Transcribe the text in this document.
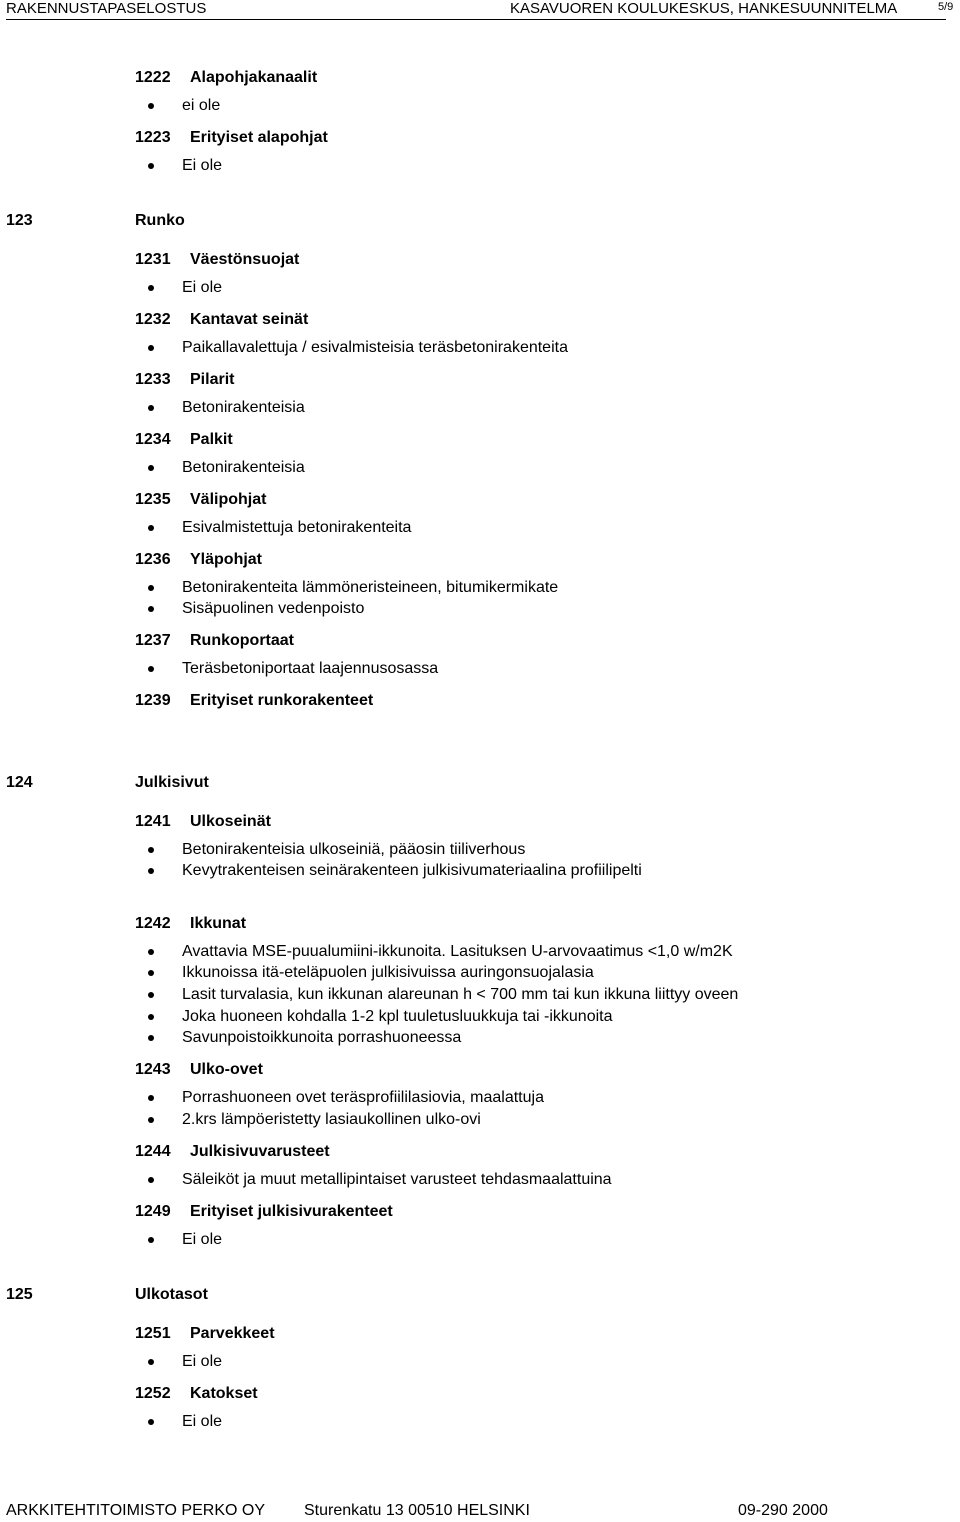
RAKENNUSTAPASELOSTUS	KASAVUOREN KOULUKESKUS, HANKESUUNNITELMA	5/9
1222 Alapohjakanaalit
ei ole
1223 Erityiset alapohjat
Ei ole
123	Runko
1231 Väestönsuojat
Ei ole
1232 Kantavat seinät
Paikallavalettuja / esivalmisteisia teräsbetonirakenteita
1233 Pilarit
Betonirakenteisia
1234 Palkit
Betonirakenteisia
1235 Välipohjat
Esivalmistettuja betonirakenteita
1236 Yläpohjat
Betonirakenteita lämmöneristeineen, bitumikermikate
Sisäpuolinen vedenpoisto
1237 Runkoportaat
Teräsbetoniportaat laajennusosassa
1239 Erityiset runkorakenteet
124	Julkisivut
1241 Ulkoseinät
Betonirakenteisia ulkoseiniä, pääosin tiiliverhous
Kevytrakenteisen seinärakenteen julkisivumateriaalina profiilipelti
1242 Ikkunat
Avattavia MSE-puualumiini-ikkunoita. Lasituksen U-arvovaatimus <1,0 w/m2K
Ikkunoissa itä-eteläpuolen julkisivuissa auringonsuojalasia
Lasit turvalasia, kun ikkunan alareunan h < 700 mm tai kun ikkuna liittyy oveen
Joka huoneen kohdalla 1-2 kpl tuuletusluukkuja tai -ikkunoita
Savunpoistoikkunoita porrashuoneessa
1243 Ulko-ovet
Porrashuoneen ovet teräsprofiililasiovia, maalattuja
2.krs lämpöeristetty lasiaukollinen ulko-ovi
1244 Julkisivuvarusteet
Säleiköt ja muut metallipintaiset varusteet tehdasmaalattuina
1249 Erityiset julkisivurakenteet
Ei ole
125	Ulkotasot
1251 Parvekkeet
Ei ole
1252 Katokset
Ei ole
ARKKITEHTITOIMISTO PERKO OY Sturenkatu 13 00510 HELSINKI	09-290 2000
